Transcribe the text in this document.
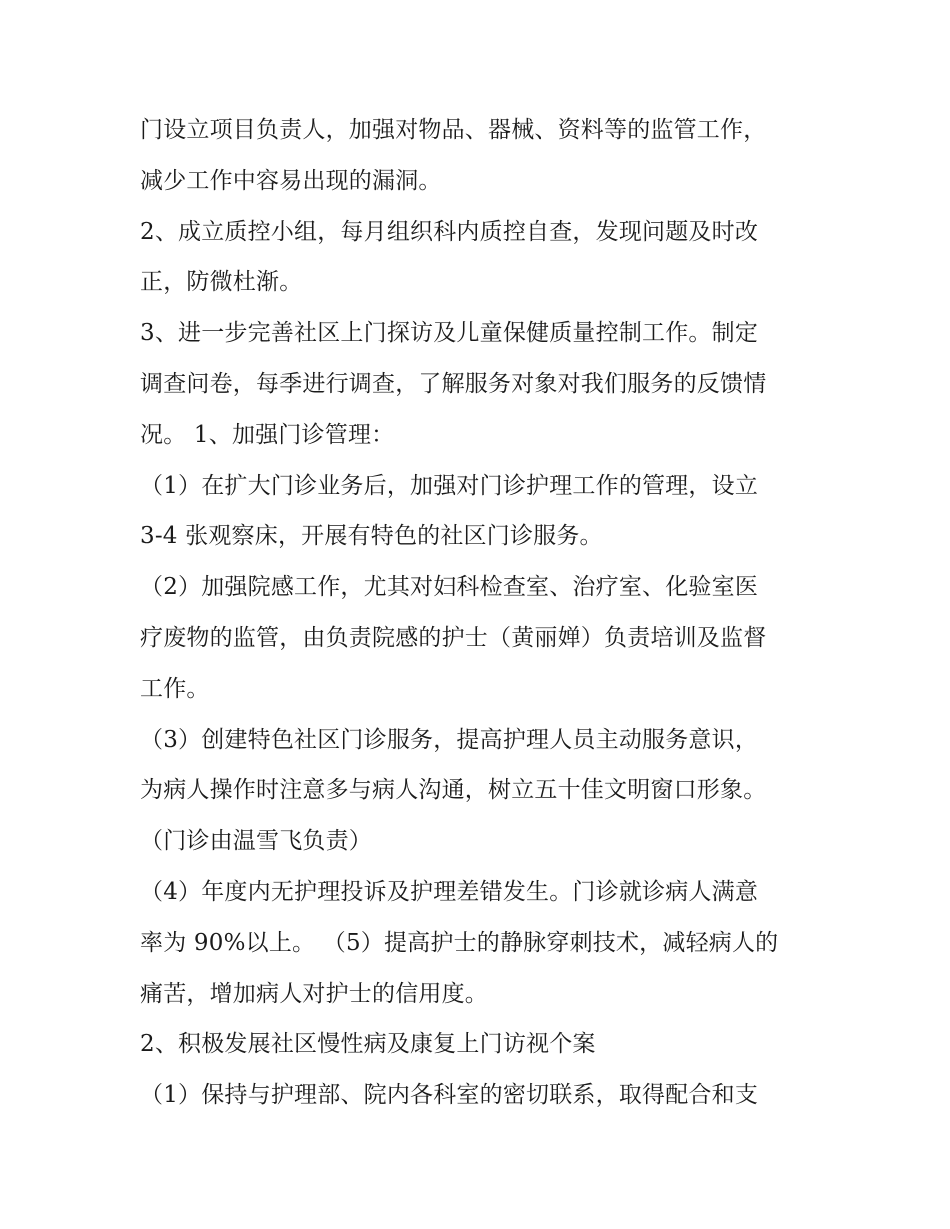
门设立项目负责人，加强对物品、器械、资料等的监管工作，
减少工作中容易出现的漏洞。
2、成立质控小组，每月组织科内质控自查，发现问题及时改
正，防微杜渐。
3、进一步完善社区上门探访及儿童保健质量控制工作。制定
调查问卷，每季进行调查，了解服务对象对我们服务的反馈情
况。 1、加强门诊管理：
（1）在扩大门诊业务后，加强对门诊护理工作的管理，设立
3-4 张观察床，开展有特色的社区门诊服务。
（2）加强院感工作，尤其对妇科检查室、治疗室、化验室医
疗废物的监管，由负责院感的护士（黄丽婵）负责培训及监督
工作。
（3）创建特色社区门诊服务，提高护理人员主动服务意识，
为病人操作时注意多与病人沟通，树立五十佳文明窗口形象。
（门诊由温雪飞负责）
（4）年度内无护理投诉及护理差错发生。门诊就诊病人满意
率为 90%以上。 （5）提高护士的静脉穿刺技术，减轻病人的
痛苦，增加病人对护士的信用度。
2、积极发展社区慢性病及康复上门访视个案
（1）保持与护理部、院内各科室的密切联系，取得配合和支
